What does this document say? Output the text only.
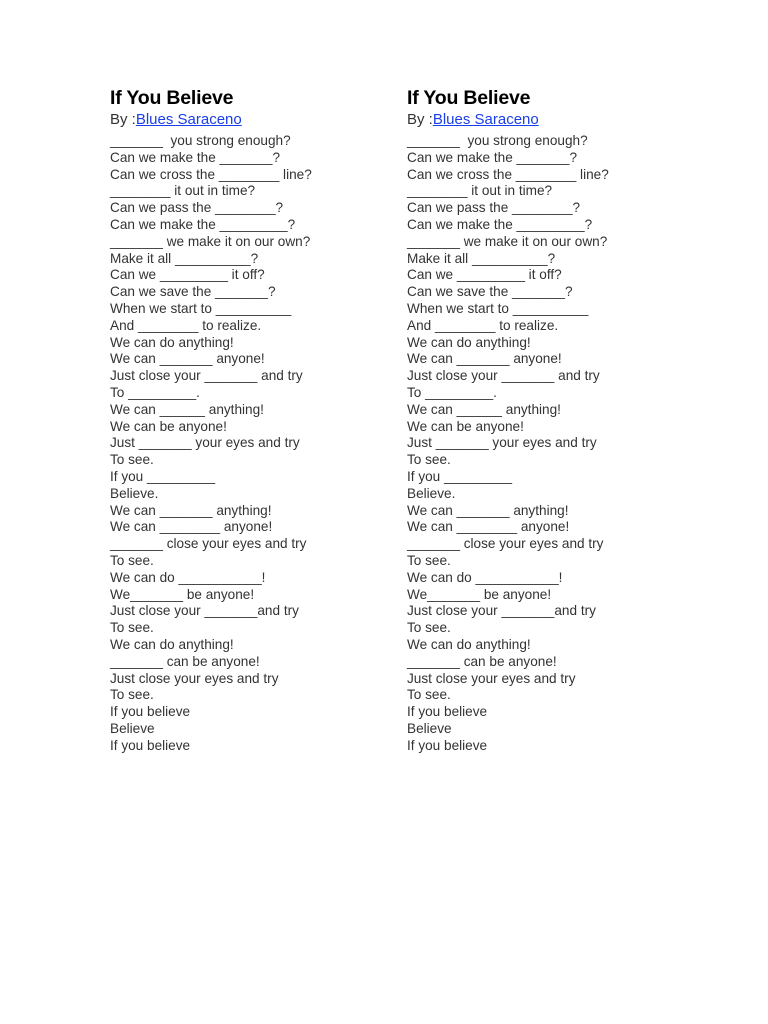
If You Believe

By :Blues Saraceno

_______  you strong enough?
Can we make the _______?
Can we cross the ________ line?
________ it out in time?
Can we pass the ________?
Can we make the _________?
_______ we make it on our own?
Make it all __________?
Can we _________ it off?
Can we save the _______?
When we start to __________
And ________ to realize.
We can do anything!
We can _______ anyone!
Just close your _______ and try
To _________.
We can ______ anything!
We can be anyone!
Just _______ your eyes and try
To see.
If you _________
Believe.
We can _______ anything!
We can ________ anyone!
_______ close your eyes and try
To see.
We can do ___________!
We_______ be anyone!
Just close your _______and try
To see.
We can do anything!
_______ can be anyone!
Just close your eyes and try
To see.
If you believe
Believe
If you believe
If You Believe

By :Blues Saraceno

_______  you strong enough?
Can we make the _______?
Can we cross the ________ line?
________ it out in time?
Can we pass the ________?
Can we make the _________?
_______ we make it on our own?
Make it all __________?
Can we _________ it off?
Can we save the _______?
When we start to __________
And ________ to realize.
We can do anything!
We can _______ anyone!
Just close your _______ and try
To _________.
We can ______ anything!
We can be anyone!
Just _______ your eyes and try
To see.
If you _________
Believe.
We can _______ anything!
We can ________ anyone!
_______ close your eyes and try
To see.
We can do ___________!
We_______ be anyone!
Just close your _______and try
To see.
We can do anything!
_______ can be anyone!
Just close your eyes and try
To see.
If you believe
Believe
If you believe
